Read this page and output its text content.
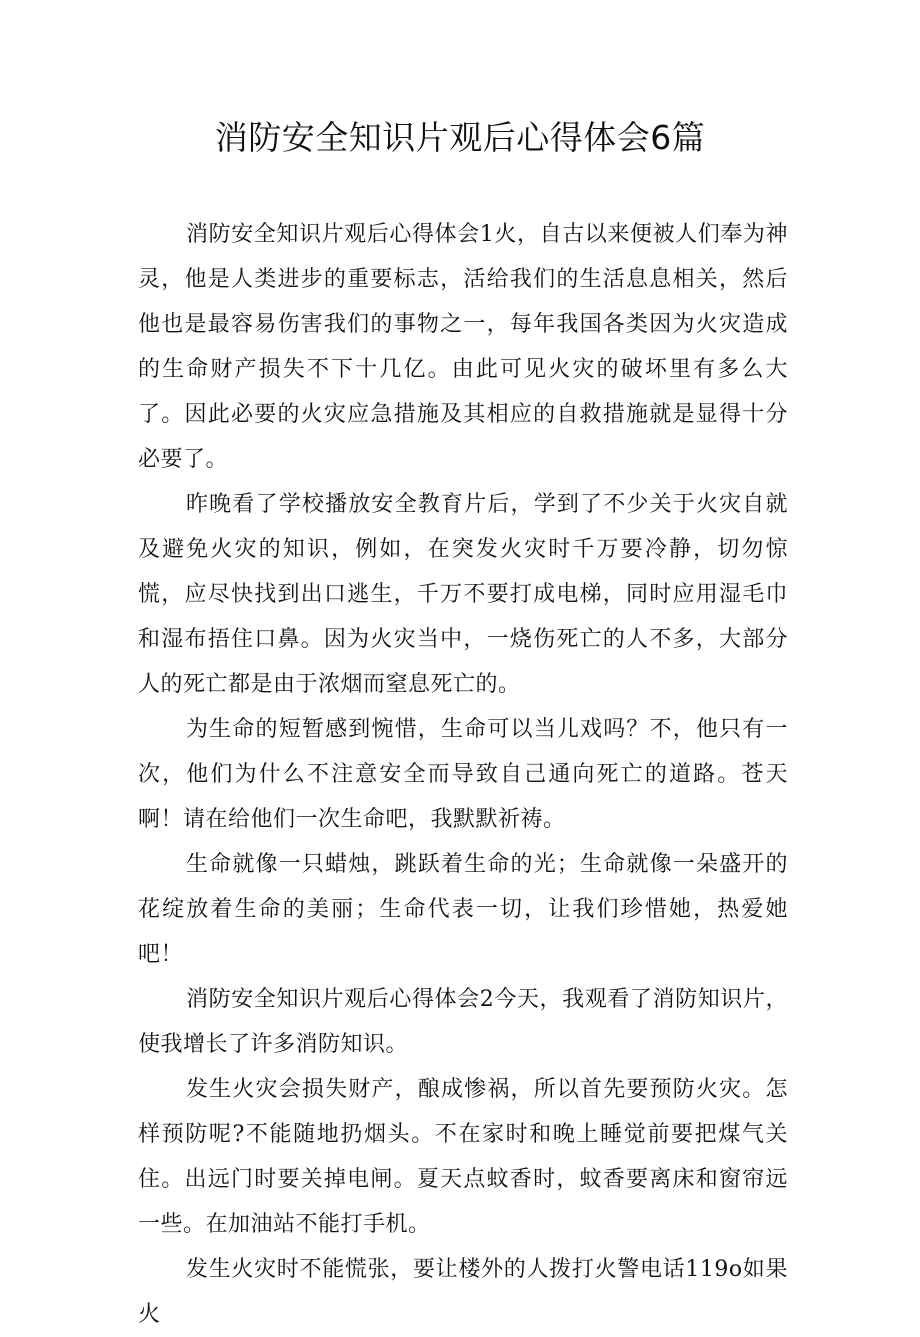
消防安全知识片观后心得体会6篇

消防安全知识片观后心得体会1火，自古以来便被人们奉为神灵，他是人类进步的重要标志，活给我们的生活息息相关，然后他也是最容易伤害我们的事物之一，每年我国各类因为火灾造成的生命财产损失不下十几亿。由此可见火灾的破坏里有多么大了。因此必要的火灾应急措施及其相应的自救措施就是显得十分必要了。

昨晚看了学校播放安全教育片后，学到了不少关于火灾自就及避免火灾的知识，例如，在突发火灾时千万要冷静，切勿惊慌，应尽快找到出口逃生，千万不要打成电梯，同时应用湿毛巾和湿布捂住口鼻。因为火灾当中，一烧伤死亡的人不多，大部分人的死亡都是由于浓烟而窒息死亡的。

为生命的短暂感到惋惜，生命可以当儿戏吗？不，他只有一次，他们为什么不注意安全而导致自己通向死亡的道路。苍天啊！请在给他们一次生命吧，我默默祈祷。

生命就像一只蜡烛，跳跃着生命的光；生命就像一朵盛开的花绽放着生命的美丽；生命代表一切，让我们珍惜她，热爱她吧！

消防安全知识片观后心得体会2今天，我观看了消防知识片，使我增长了许多消防知识。

发生火灾会损失财产，酿成惨祸，所以首先要预防火灾。怎样预防呢?不能随地扔烟头。不在家时和晚上睡觉前要把煤气关住。出远门时要关掉电闸。夏天点蚊香时，蚊香要离床和窗帘远一些。在加油站不能打手机。

发生火灾时不能慌张，要让楼外的人拨打火警电话119o如果火
